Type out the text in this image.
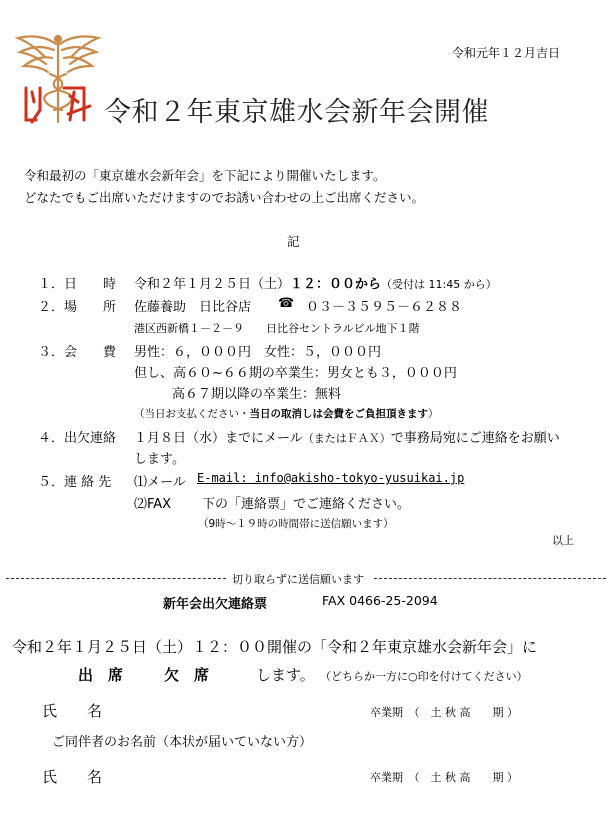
令和元年１２月吉日
令和２年東京雄水会新年会開催
令和最初の「東京雄水会新年会」を下記により開催いたします。
どなたでもご出席いただけますのでお誘い合わせの上ご出席ください。
記
１．日　　時 令和２年１月２５日（土）１２：００から（受付は 11:45 から）
２．場　　所 佐藤養助　日比谷店 ☎ ０３－３５９５－６２８８
港区西新橋１－２－９　　日比谷セントラルビル地下１階
３．会　　費 男性：６，０００円　女性：５，０００円
但し、高６０~６６期の卒業生：男女とも３，０００円
高６７期以降の卒業生：無料
（当日お支払ください・当日の取消しは会費をご負担頂きます）
４．出欠連絡 １月８日（水）までにメール（またはＦＡＸ）で事務局宛にご連絡をお願い
します。
５．連 絡 先 ⑴メール E-mail: info@akisho-tokyo-yusuikai.jp
⑵FAX 下の「連絡票」でご連絡ください。
（9時～１９時の時間帯に送信願います）
以上
切り取らずに送信願います
新年会出欠連絡票	FAX 0466-25-2094
令和２年１月２５日（土）１２：００開催の「令和２年東京雄水会新年会」に
出　席	欠　席	します。 （どちらか一方に○印を付けてください）
氏　　名	卒業期　（　土 秋 高　　期 ）
ご同伴者のお名前（本状が届いていない方）
氏　　名	卒業期　（　土 秋 高　　期 ）
